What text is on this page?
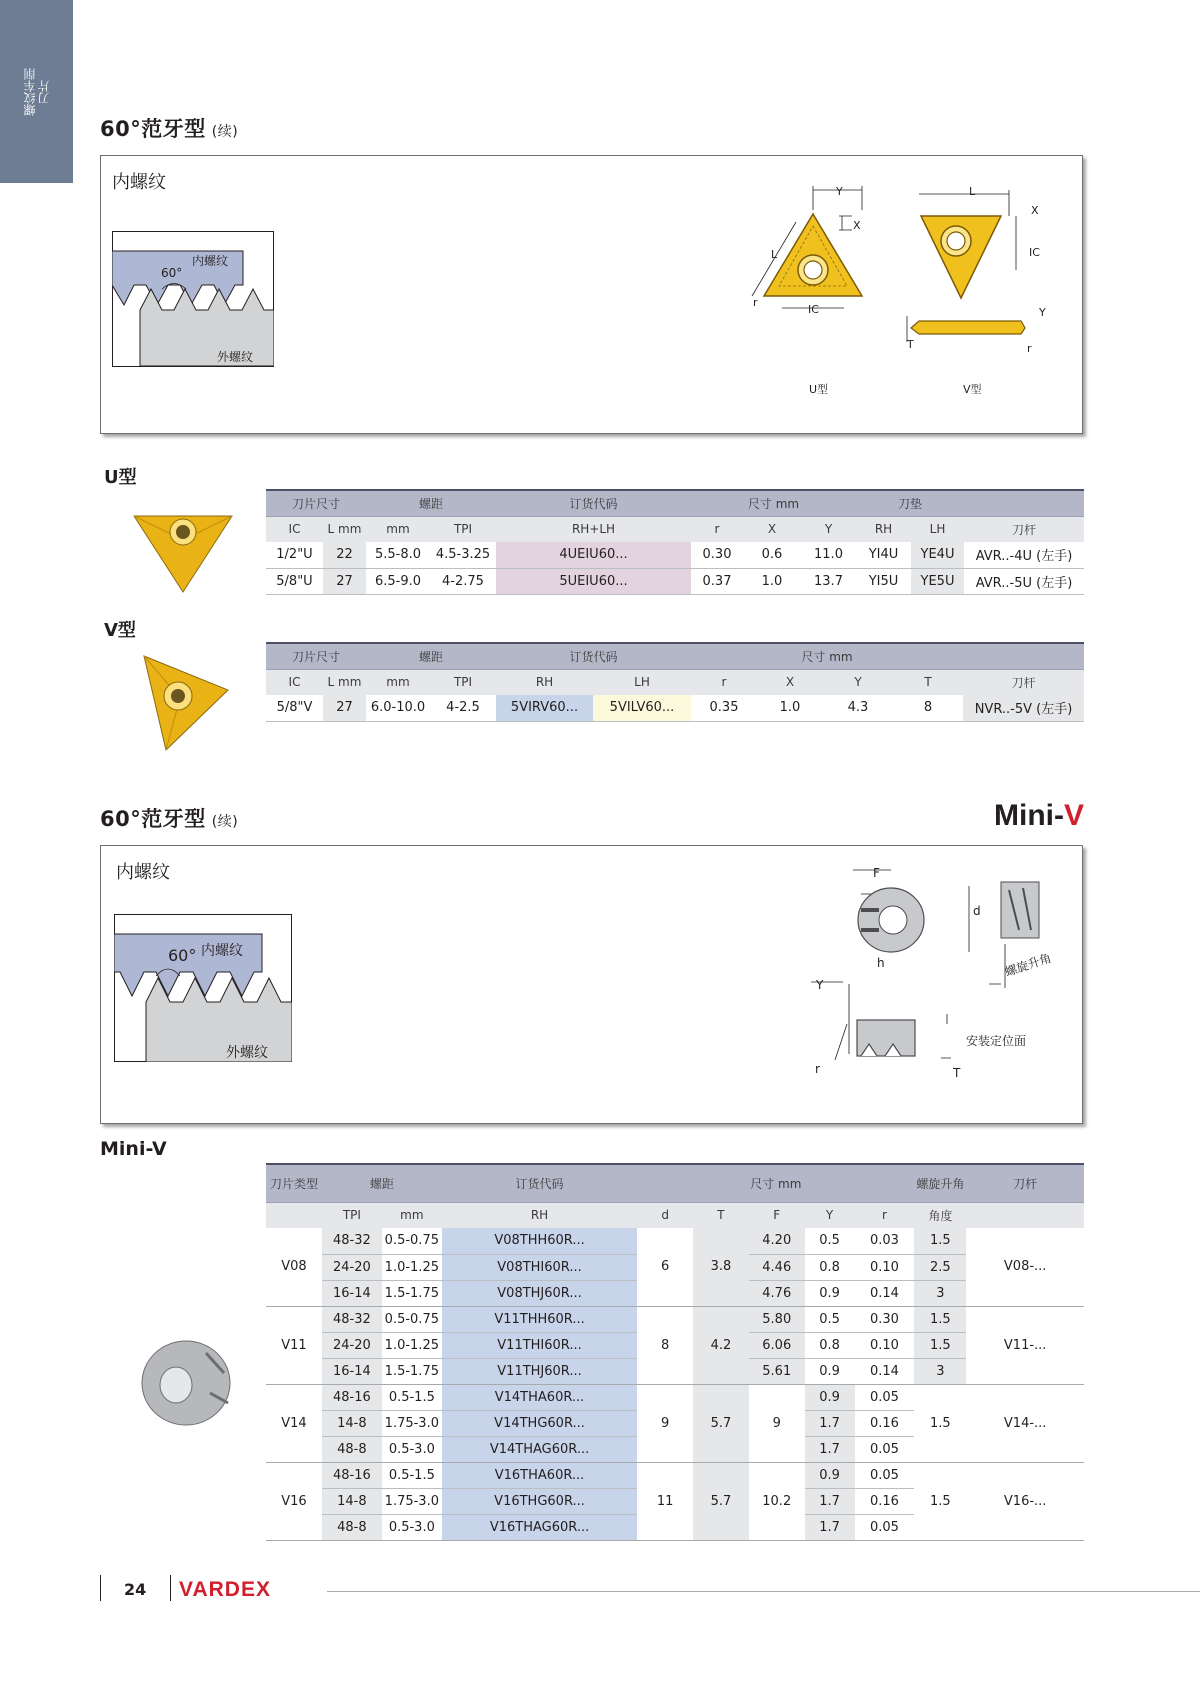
螺纹车削
刀片
60°范牙型 (续)
内螺纹
内螺纹
60°
外螺纹
Y
X
L
IC
r
U型
L
X
IC
Y
T	r
V型
U型
刀片尺寸		螺距		订货代码	尺寸 mm			刀垫		
IC	L mm	mm	TPI	RH+LH	r	X	Y	RH	LH	刀杆
1/2"U	22	5.5-8.0	4.5-3.25	4UEIU60...	0.30	0.6	11.0	YI4U	YE4U	AVR..-4U (左手)
5/8"U	27	6.5-9.0	4-2.75	5UEIU60...	0.37	1.0	13.7	YI5U	YE5U	AVR..-5U (左手)
V型
刀片尺寸		螺距		订货代码		尺寸 mm				
IC	L mm	mm	TPI	RH	LH	r	X	Y	T	刀杆
5/8"V	27	6.0-10.0	4-2.5	5VIRV60...	5VILV60...	0.35	1.0	4.3	8	NVR..-5V (左手)
60°范牙型 (续)	Mini-V
内螺纹
内螺纹
60°
外螺纹
F
d
h
Y
r	T
螺旋升角
安装定位面
Mini-V
刀片类型	螺距		订货代码	尺寸 mm					螺旋升角	刀杆
	TPI	mm	RH	d	T	F	Y	r	角度	
V08	48-32	0.5-0.75	V08THH60R...	6	3.8	4.20	0.5	0.03	1.5	V08-...
	24-20	1.0-1.25	V08THI60R...			4.46	0.8	0.10	2.5	
	16-14	1.5-1.75	V08THJ60R...			4.76	0.9	0.14	3	
V11	48-32	0.5-0.75	V11THH60R...	8	4.2	5.80	0.5	0.30	1.5	V11-...
	24-20	1.0-1.25	V11THI60R...			6.06	0.8	0.10	1.5	
	16-14	1.5-1.75	V11THJ60R...			5.61	0.9	0.14	3	
V14	48-16	0.5-1.5	V14THA60R...	9	5.7	9	0.9	0.05	1.5	V14-...
	14-8	1.75-3.0	V14THG60R...				1.7	0.16		
	48-8	0.5-3.0	V14THAG60R...				1.7	0.05		
V16	48-16	0.5-1.5	V16THA60R...	11	5.7	10.2	0.9	0.05	1.5	V16-...
	14-8	1.75-3.0	V16THG60R...				1.7	0.16		
	48-8	0.5-3.0	V16THAG60R...				1.7	0.05		
24 VARDEX
